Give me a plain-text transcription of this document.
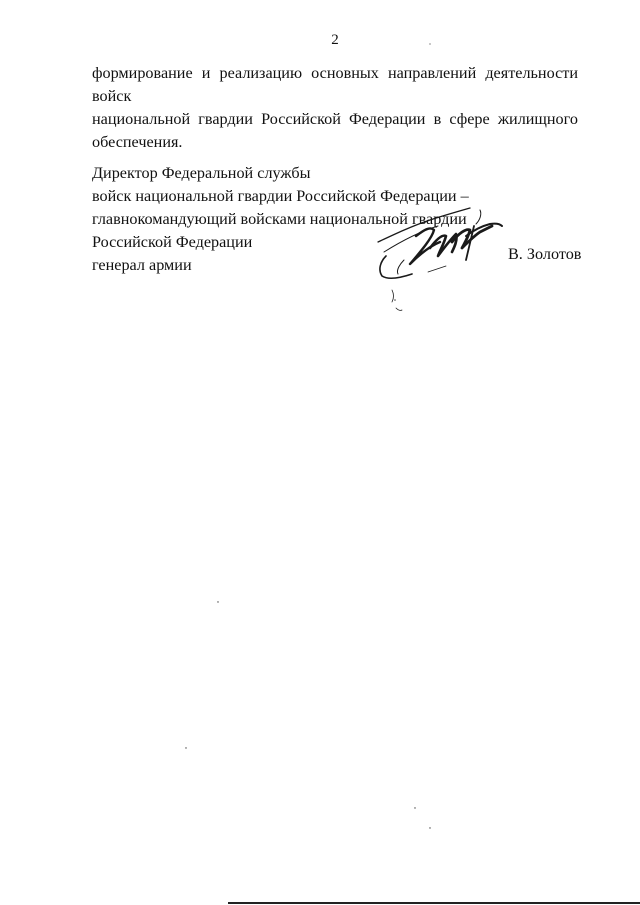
2
формирование и реализацию основных направлений деятельности войск
национальной гвардии Российской Федерации в сфере жилищного
обеспечения.
Директор Федеральной службы
войск национальной гвардии Российской Федерации –
главнокомандующий войсками национальной гвардии
Российской Федерации
генерал армии
В. Золотов
